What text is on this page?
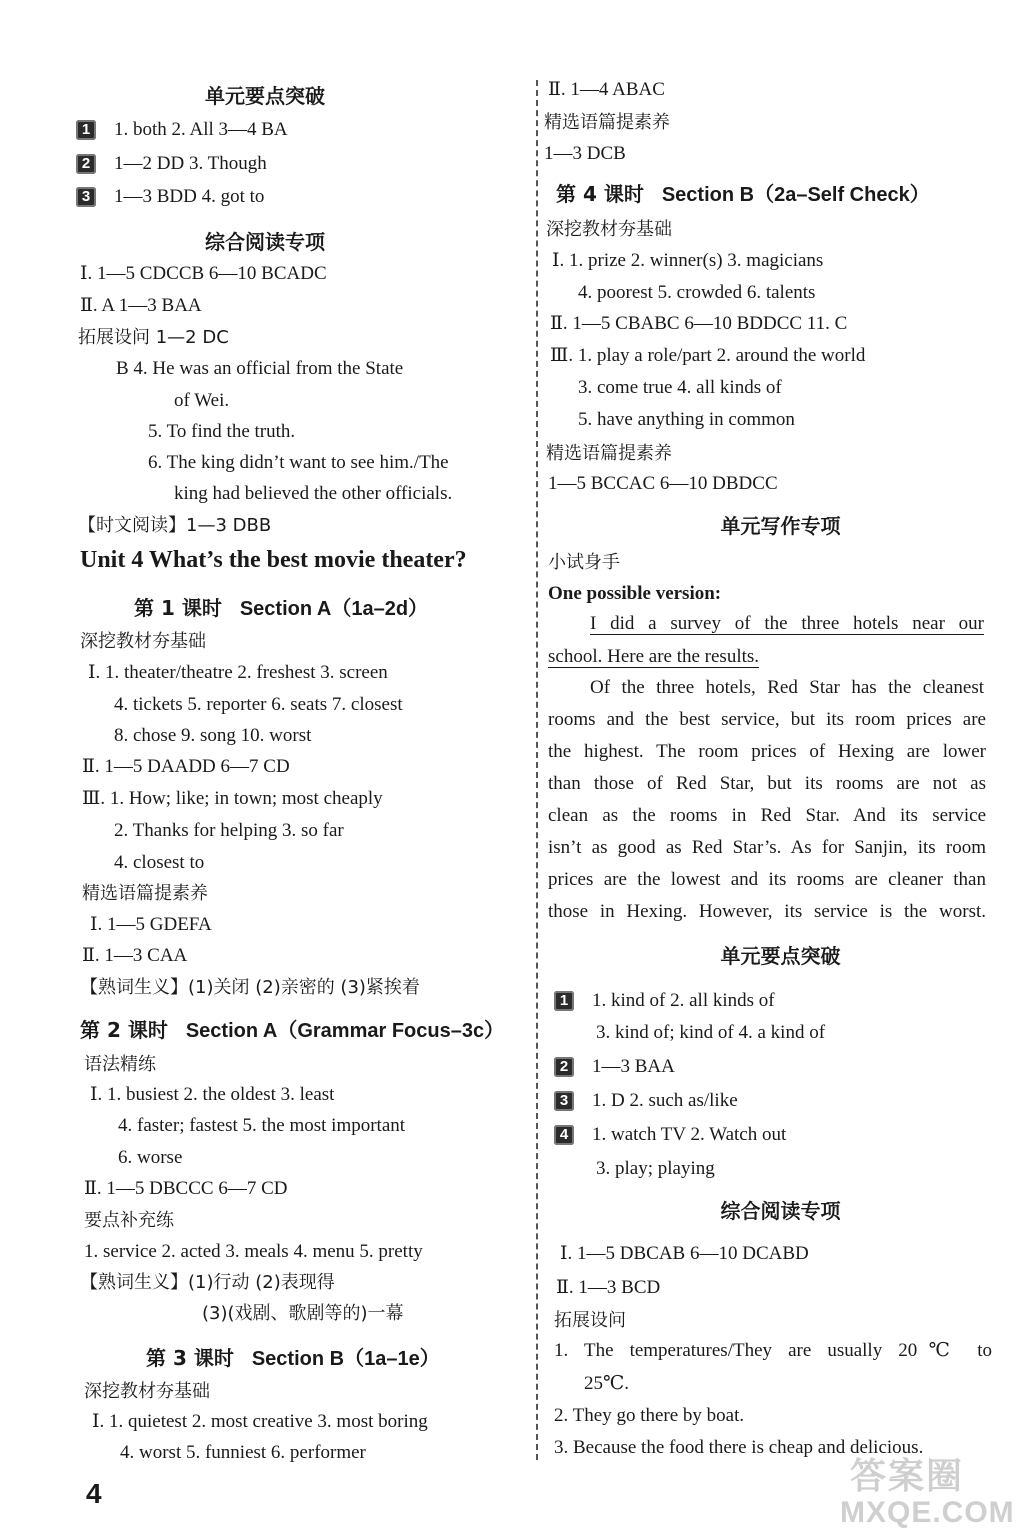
单元要点突破
1 1. both 2. All 3—4 BA
2 1—2 DD 3. Though
3 1—3 BDD 4. got to
综合阅读专项
Ⅰ. 1—5 CDCCB 6—10 BCADC
Ⅱ. A 1—3 BAA
拓展设问 1—2 DC
B 4. He was an official from the State
of Wei.
5. To find the truth.
6. The king didn’t want to see him./The
king had believed the other officials.
【时文阅读】1—3 DBB
Unit 4 What’s the best movie theater?
第 1 课时 Section A（1a–2d）
深挖教材夯基础
Ⅰ. 1. theater/theatre 2. freshest 3. screen
4. tickets 5. reporter 6. seats 7. closest
8. chose 9. song 10. worst
Ⅱ. 1—5 DAADD 6—7 CD
Ⅲ. 1. How; like; in town; most cheaply
2. Thanks for helping 3. so far
4. closest to
精选语篇提素养
Ⅰ. 1—5 GDEFA
Ⅱ. 1—3 CAA
【熟词生义】(1)关闭 (2)亲密的 (3)紧挨着
第 2 课时 Section A（Grammar Focus–3c）
语法精练
Ⅰ. 1. busiest 2. the oldest 3. least
4. faster; fastest 5. the most important
6. worse
Ⅱ. 1—5 DBCCC 6—7 CD
要点补充练
1. service 2. acted 3. meals 4. menu 5. pretty
【熟词生义】(1)行动 (2)表现得
(3)(戏剧、歌剧等的)一幕
第 3 课时 Section B（1a–1e）
深挖教材夯基础
Ⅰ. 1. quietest 2. most creative 3. most boring
4. worst 5. funniest 6. performer
Ⅱ. 1—4 ABAC
精选语篇提素养
1—3 DCB
第 4 课时 Section B（2a–Self Check）
深挖教材夯基础
Ⅰ. 1. prize 2. winner(s) 3. magicians
4. poorest 5. crowded 6. talents
Ⅱ. 1—5 CBABC 6—10 BDDCC 11. C
Ⅲ. 1. play a role/part 2. around the world
3. come true 4. all kinds of
5. have anything in common
精选语篇提素养
1—5 BCCAC 6—10 DBDCC
单元写作专项
小试身手
One possible version:
I did a survey of the three hotels near our
school. Here are the results.
Of the three hotels, Red Star has the cleanest
rooms and the best service, but its room prices are
the highest. The room prices of Hexing are lower
than those of Red Star, but its rooms are not as
clean as the rooms in Red Star. And its service
isn’t as good as Red Star’s. As for Sanjin, its room
prices are the lowest and its rooms are cleaner than
those in Hexing. However, its service is the worst.
单元要点突破
1 1. kind of 2. all kinds of
3. kind of; kind of 4. a kind of
2 1—3 BAA
3 1. D 2. such as/like
4 1. watch TV 2. Watch out
3. play; playing
综合阅读专项
Ⅰ. 1—5 DBCAB 6—10 DCABD
Ⅱ. 1—3 BCD
拓展设问
1. The temperatures/They are usually 20℃ to
25℃.
2. They go there by boat.
3. Because the food there is cheap and delicious.
4	答案圈
MXQE.COM
